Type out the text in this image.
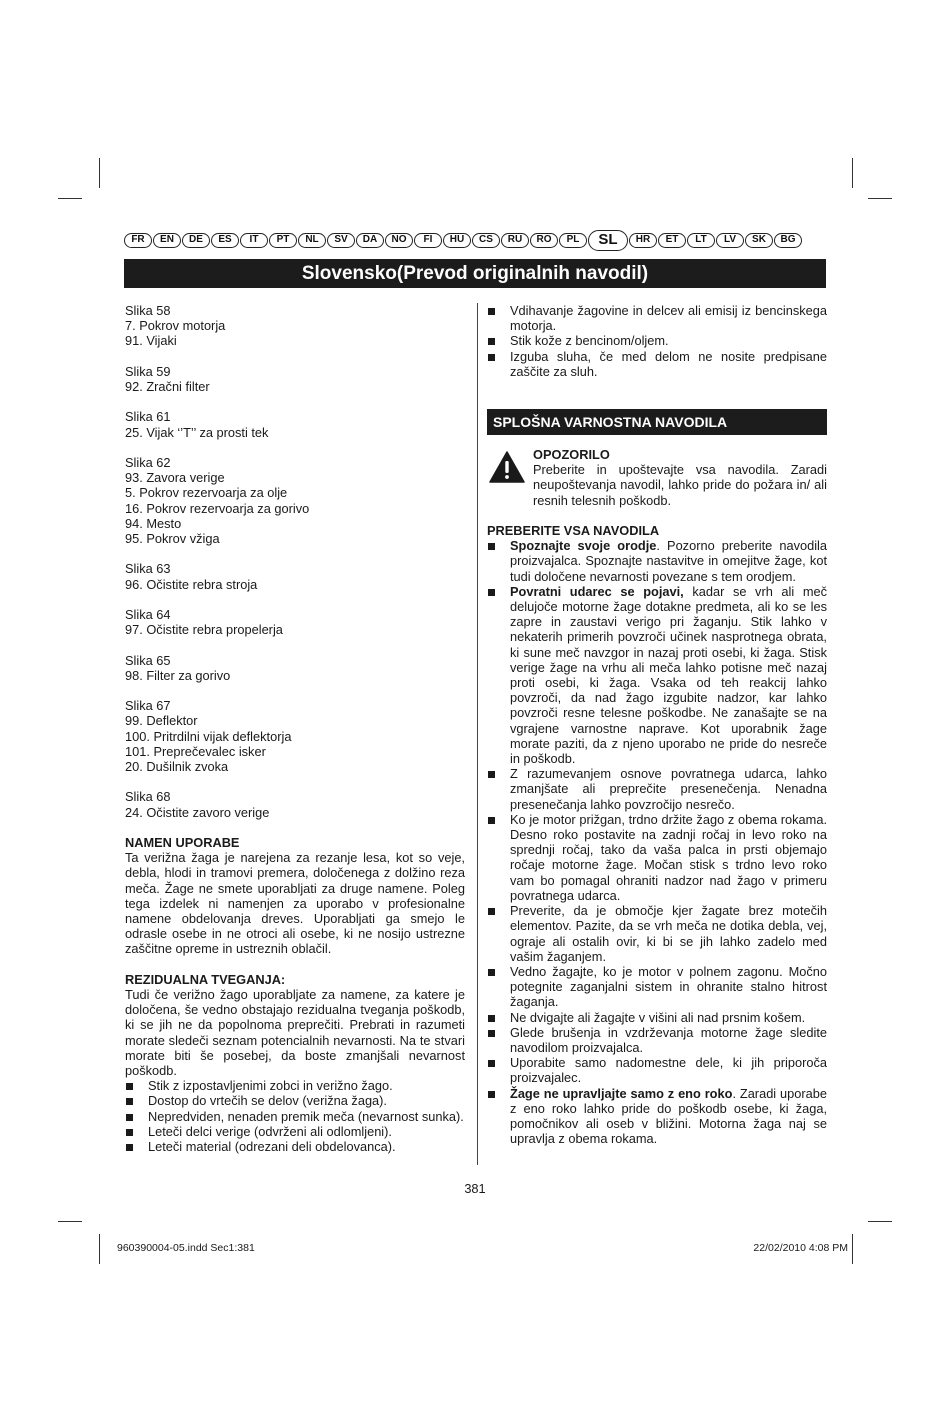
FR	EN	DE	ES	IT	PT	NL	SV	DA	NO	FI	HU	CS	RU	RO	PL	SL	HR	ET	LT	LV	SK	BG
Slovensko(Prevod originalnih navodil)

Slika 58

7. Pokrov motorja

91. Vijaki

Slika 59

92. Zračni filter

Slika 61

25. Vijak ‘’T’’ za prosti tek

Slika 62

93. Zavora verige

5. Pokrov rezervoarja za olje

16. Pokrov rezervoarja za gorivo

94. Mesto

95. Pokrov vžiga

Slika 63

96. Očistite rebra stroja

Slika 64

97. Očistite rebra propelerja

Slika 65

98. Filter za gorivo

Slika 67

99. Deflektor

100. Pritrdilni vijak deflektorja

101. Preprečevalec isker

20. Dušilnik zvoka

Slika 68

24. Očistite zavoro verige

NAMEN UPORABE

Ta verižna žaga je narejena za rezanje lesa, kot so veje, debla, hlodi in tramovi premera, določenega z dolžino reza meča. Žage ne smete uporabljati za druge namene. Poleg tega izdelek ni namenjen za uporabo v profesionalne namene obdelovanja dreves. Uporabljati ga smejo le odrasle osebe in ne otroci ali osebe, ki ne nosijo ustrezne zaščitne opreme in ustreznih oblačil.

REZIDUALNA TVEGANJA:

Tudi če verižno žago uporabljate za namene, za katere je določena, še vedno obstajajo rezidualna tveganja poškodb, ki se jih ne da popolnoma preprečiti. Prebrati in razumeti morate sledeči seznam potencialnih nevarnosti. Na te stvari morate biti še posebej, da boste zmanjšali nevarnost poškodb.

Stik z izpostavljenimi zobci in verižno žago.
Dostop do vrtečih se delov (verižna žaga).
Nepredviden, nenaden premik meča (nevarnost sunka).
Leteči delci verige (odvrženi ali odlomljeni).
Leteči material (odrezani deli obdelovanca).
Vdihavanje žagovine in delcev ali emisij iz bencinskega motorja.
Stik kože z bencinom/oljem.
Izguba sluha, če med delom ne nosite predpisane zaščite za sluh.
SPLOŠNA VARNOSTNA NAVODILA

OPOZORILO

Preberite in upoštevajte vsa navodila. Zaradi neupoštevanja navodil, lahko pride do požara in/ ali resnih telesnih poškodb.

PREBERITE VSA NAVODILA

Spoznajte svoje orodje. Pozorno preberite navodila proizvajalca. Spoznajte nastavitve in omejitve žage, kot tudi določene nevarnosti povezane s tem orodjem.
Povratni udarec se pojavi, kadar se vrh ali meč delujoče motorne žage dotakne predmeta, ali ko se les zapre in zaustavi verigo pri žaganju. Stik lahko v nekaterih primerih povzroči učinek nasprotnega obrata, ki sune meč navzgor in nazaj proti osebi, ki žaga. Stisk verige žage na vrhu ali meča lahko potisne meč nazaj proti osebi, ki žaga. Vsaka od teh reakcij lahko povzroči, da nad žago izgubite nadzor, kar lahko povzroči resne telesne poškodbe. Ne zanašajte se na vgrajene varnostne naprave. Kot uporabnik žage morate paziti, da z njeno uporabo ne pride do nesreče in poškodb.
Z razumevanjem osnove povratnega udarca, lahko zmanjšate ali preprečite presenečenja. Nenadna presenečanja lahko povzročijo nesrečo.
Ko je motor prižgan, trdno držite žago z obema rokama. Desno roko postavite na zadnji ročaj in levo roko na sprednji ročaj, tako da vaša palca in prsti objemajo ročaje motorne žage. Močan stisk s trdno levo roko vam bo pomagal ohraniti nadzor nad žago v primeru povratnega udarca.
Preverite, da je območje kjer žagate brez motečih elementov. Pazite, da se vrh meča ne dotika debla, vej, ograje ali ostalih ovir, ki bi se jih lahko zadelo med vašim žaganjem.
Vedno žagajte, ko je motor v polnem zagonu. Močno potegnite zaganjalni sistem in ohranite stalno hitrost žaganja.
Ne dvigajte ali žagajte v višini ali nad prsnim košem.
Glede brušenja in vzdrževanja motorne žage sledite navodilom proizvajalca.
Uporabite samo nadomestne dele, ki jih priporoča proizvajalec.
Žage ne upravljajte samo z eno roko. Zaradi uporabe z eno roko lahko pride do poškodb osebe, ki žaga, pomočnikov ali oseb v bližini. Motorna žaga naj se upravlja z obema rokama.
381
960390004-05.indd Sec1:381	22/02/2010 4:08 PM
